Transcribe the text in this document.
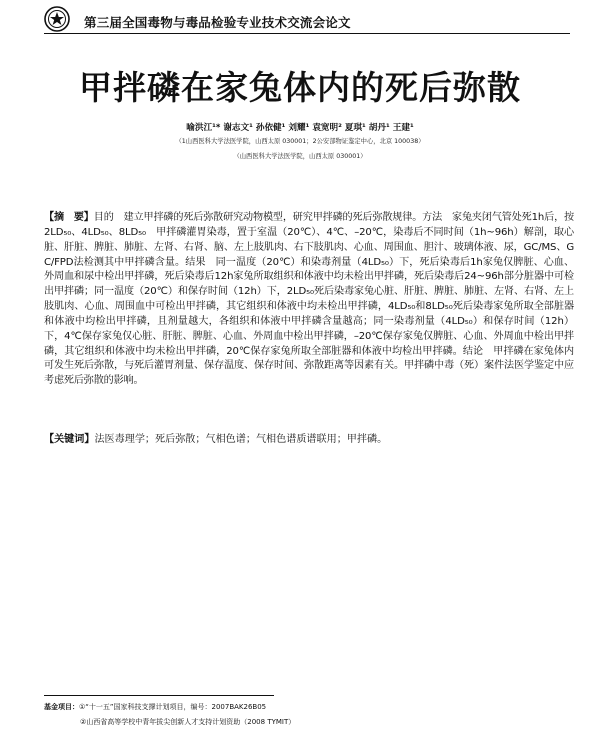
第三届全国毒物与毒品检验专业技术交流会论文
甲拌磷在家兔体内的死后弥散
喻洪江¹* 谢志文¹ 孙依健¹ 刘耀¹ 袁宽明² 夏琪¹ 胡丹¹ 王建¹
（1山西医科大学法医学院，山西太原 030001；2公安部物证鉴定中心，北京 100038）
（山西医科大学法医学院，山西太原 030001）
【摘　要】目的　建立甲拌磷的死后弥散研究动物模型，研究甲拌磷的死后弥散规律。方法　家兔夹闭气管处死1h后，按2LD₅₀、4LD₅₀、8LD₅₀　甲拌磷灌胃染毒，置于室温（20℃）、4℃、–20℃，染毒后不同时间（1h~96h）解剖，取心脏、肝脏、脾脏、肺脏、左肾、右肾、脑、左上肢肌肉、右下肢肌肉、心血、周围血、胆汁、玻璃体液、尿，GC/MS、GC/FPD法检测其中甲拌磷含量。结果　同一温度（20℃）和染毒剂量（4LD₅₀）下，死后染毒后1h家兔仅脾脏、心血、外周血和尿中检出甲拌磷，死后染毒后12h家兔所取组织和体液中均未检出甲拌磷，死后染毒后24~96h部分脏器中可检出甲拌磷；同一温度（20℃）和保存时间（12h）下，2LD₅₀死后染毒家兔心脏、肝脏、脾脏、肺脏、左肾、右肾、左上肢肌肉、心血、周围血中可检出甲拌磷，其它组织和体液中均未检出甲拌磷，4LD₅₀和8LD₅₀死后染毒家兔所取全部脏器和体液中均检出甲拌磷，且剂量越大，各组织和体液中甲拌磷含量越高；同一染毒剂量（4LD₅₀）和保存时间（12h）下，4℃保存家兔仅心脏、肝脏、脾脏、心血、外周血中检出甲拌磷，–20℃保存家兔仅脾脏、心血、外周血中检出甲拌磷，其它组织和体液中均未检出甲拌磷，20℃保存家兔所取全部脏器和体液中均检出甲拌磷。结论　甲拌磷在家兔体内可发生死后弥散，与死后灌胃剂量、保存温度、保存时间、弥散距离等因素有关。甲拌磷中毒（死）案件法医学鉴定中应考虑死后弥散的影响。
【关键词】法医毒理学；死后弥散；气相色谱；气相色谱质谱联用；甲拌磷。
基金项目：①“十一五”国家科技支撑计划项目，编号：2007BAK26B05
②山西省高等学校中青年拔尖创新人才支持计划资助（2008 TYMIT）
